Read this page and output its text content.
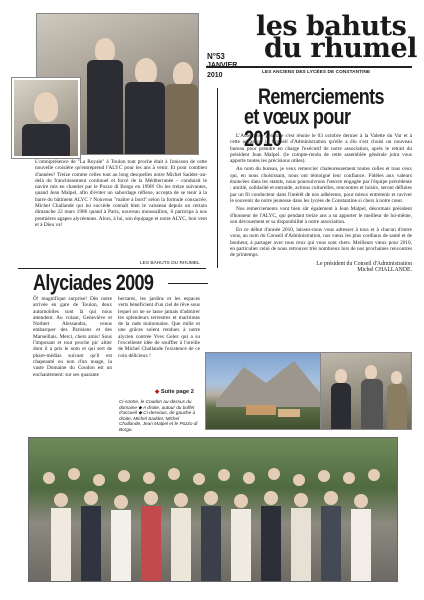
les bahuts
du rhumel
LES ANCIENS DES LYCÉES DE CONSTANTINE
N°53
JANVIER
2010
Remerciements
et vœux pour 2010

L'Assemblée générale s'est réunie le 03 octobre dernier à la Valette du Var et à cette occasion, le Conseil d'Administration qu'elle a élu s'est choisi un nouveau bureau pour prendre en charge l'exécutif de notre association, après le retrait du président Jean Malpel. (le compte-rendu de cette assemblée générale joint vous apporte toutes les précisions utiles).

Au nom du bureau, je veux remercier chaleureusement toutes celles et tous ceux qui, en nous choisissant, nous ont témoigné leur confiance. Fidèles aux valeurs énoncées dans les statuts, nous poursuivrons l'œuvre engagée par l'équipe précédente : amitié, solidarité et entraide, actions culturelles, rencontres et loisirs, seront définies par un fil conducteur dans l'intérêt de nos adhérents, pour mieux entretenir et raviver le souvenir de notre jeunesse dans les lycées de Constantine si chers à notre cœur.

Nos remerciements vont bien sûr également à Jean Malpel, désormais président d'honneur de l'ALYC, qui pendant treize ans a su apporter le meilleur de lui-même, son dévouement et sa disponibilité à notre association.

En ce début d'année 2010, laissez-nous vous adresser à tous et à chacun d'entre vous, au nom du Conseil d'Administration, nos vœux les plus cordiaux de santé et de bonheur, à partager avec tous ceux qui vous sont chers. Meilleurs vœux pour 2010, en particulier celui de nous retrouver très nombreux lors de nos prochaines rencontres de printemps.

Le président du Conseil d'Administration
Michel CHALLANDE.
L'omniprésence de "La Royale" à Toulon tout proche était à l'unisson de cette nouvelle croisière qu'entreprend l'ALYC pour les ans à venir. Et pour combien d'années? Treize comme celles tout au long desquelles notre Michel Sadder–au-delà du franchissement continuel et forcé de la Méditerranée – conduisit le navire mis en chantier par le Pozzo di Borgo en 1998! Ou les treize suivantes, quand Jean Malpel, afin d'éviter un sabordage réflexe, accepta de se tenir à la barre du bâtiment ALYC ? Nouveau "maître à bord" selon la formule consacrée, Michel Challande qui lui succède connaît bien le vaisseau depuis un certain dimanche 22 mars 1986 quand à Paris, nouveau moussaillon, il participa à nos premières agapes alycéennes. Alors, à lui, son équipage et notre ALYC, bon vent et à Dieu va!
LES BAHUTS DU RHUMEL
Alyciades 2009
Ô! magnifique surprise! Dès notre arrivée en gare de Toulon, deux automobiles sont là qui nous attendent. Au volant, Geneviève et Norbert Alessandra, venus embarquer des Parisiens et des Marseillais. Merci, chers amis! Sous l'imposant et tout proche pic altier dont il a pris le nom et qui sert de phare-médias suivant qu'il est chapeauté ou non d'un nuage, la vaste Domaine du Coudon est un enchantement: sur ses quarante
hectares, les jardins et les espaces verts bénéficient d'un ciel de rêve sous lequel on ne se lasse jamais d'admirer les splendeurs terrestres et maritimes de la rade toulonnaise. Que mille et une grâces soient rendues à notre alycien contrée Yves Gelez qui a su l'excellente idée de souffler à l'oreille de Michel Challande l'existence de ce coin délicieux !
◆ Suite page 2
Ci-contre, le Coudon au-dessus du domaine ◆ A droite, autour du buffet d'accueil ◆ Ci-dessous, de gauche à droite, Michel Sadder, Michel Challande, Jean Malpel et le Pozzo di Borgo.
